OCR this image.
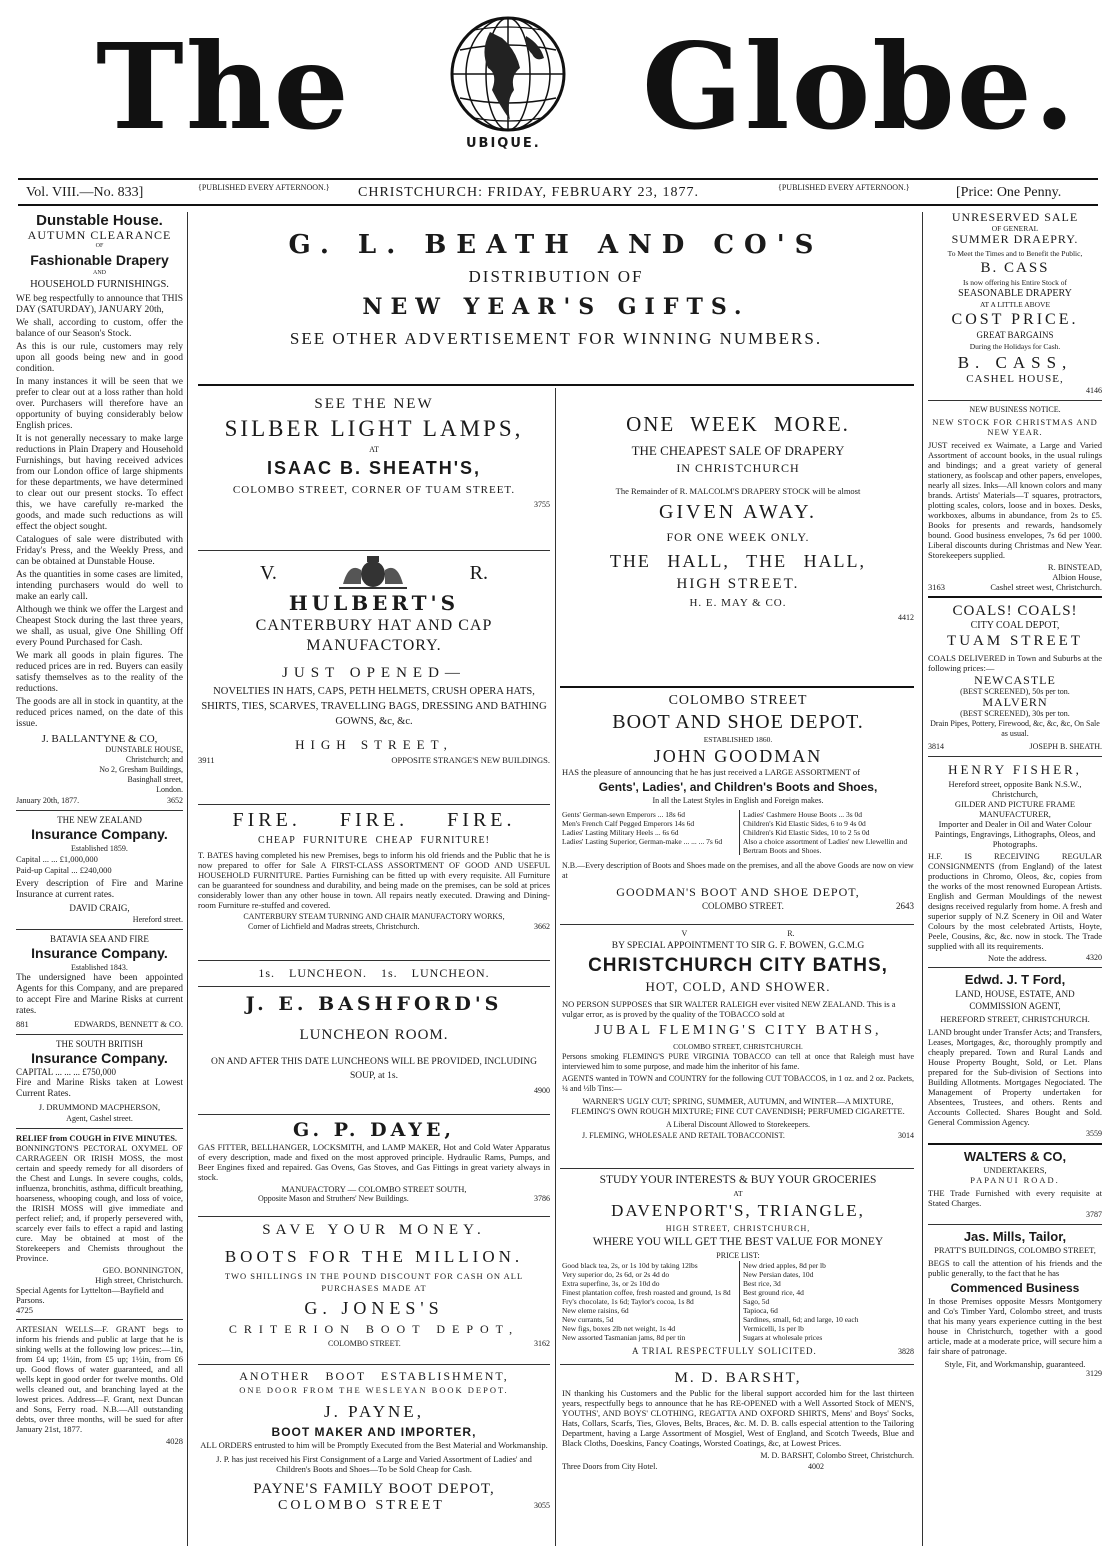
The	UBIQUE. Globe.
Vol. VIII.—No. 833]	{PUBLISHED EVERY AFTERNOON.} CHRISTCHURCH: FRIDAY, FEBRUARY 23, 1877.	{PUBLISHED EVERY AFTERNOON.}	[Price: One Penny.
Dunstable House.
AUTUMN CLEARANCE
OF
Fashionable Drapery
AND
HOUSEHOLD FURNISHINGS.

WE beg respectfully to announce that THIS DAY (SATURDAY), JANUARY 20th,

We shall, according to custom, offer the balance of our Season's Stock.

As this is our rule, customers may rely upon all goods being new and in good condition.

In many instances it will be seen that we prefer to clear out at a loss rather than hold over. Purchasers will therefore have an opportunity of buying considerably below English prices.

It is not generally necessary to make large reductions in Plain Drapery and Household Furnishings, but having received advices from our London office of large shipments for these departments, we have determined to clear out our present stocks. To effect this, we have carefully re-marked the goods, and made such reductions as will effect the object sought.

Catalogues of sale were distributed with Friday's Press, and the Weekly Press, and can be obtained at Dunstable House.

As the quantities in some cases are limited, intending purchasers would do well to make an early call.

Although we think we offer the Largest and Cheapest Stock during the last three years, we shall, as usual, give One Shilling Off every Pound Purchased for Cash.

We mark all goods in plain figures. The reduced prices are in red. Buyers can easily satisfy themselves as to the reality of the reductions.

The goods are all in stock in quantity, at the reduced prices named, on the date of this issue.

J. BALLANTYNE & CO,
DUNSTABLE HOUSE,
Christchurch; and
No 2, Gresham Buildings,
Basinghall street,
London.
January 20th, 1877.	3652
THE NEW ZEALAND
Insurance Company.
Established 1859.
Capital ... ... £1,000,000
Paid-up Capital ... £240,000

Every description of Fire and Marine Insurance at current rates.

DAVID CRAIG,
Hereford street.
BATAVIA SEA AND FIRE
Insurance Company.
Established 1843.

The undersigned have been appointed Agents for this Company, and are prepared to accept Fire and Marine Risks at current rates.

881	EDWARDS, BENNETT & CO.
THE SOUTH BRITISH
Insurance Company.
CAPITAL ... ... ... £750,000

Fire and Marine Risks taken at Lowest Current Rates.

J. DRUMMOND MACPHERSON,
Agent, Cashel street.
RELIEF from COUGH in FIVE MINUTES.

BONNINGTON'S PECTORAL OXYMEL OF CARRAGEEN OR IRISH MOSS, the most certain and speedy remedy for all disorders of the Chest and Lungs. In severe coughs, colds, influenza, bronchitis, asthma, difficult breathing, hoarseness, whooping cough, and loss of voice, the IRISH MOSS will give immediate and perfect relief; and, if properly persevered with, scarcely ever fails to effect a rapid and lasting cure. May be obtained at most of the Storekeepers and Chemists throughout the Province.

GEO. BONNINGTON,
High street, Christchurch.
Special Agents for Lyttelton—Bayfield and Parsons.
4725

ARTESIAN WELLS—F. GRANT begs to inform his friends and public at large that he is sinking wells at the following low prices:—1in, from £4 up; 1½in, from £5 up; 1½in, from £6 up. Good flows of water guaranteed, and all wells kept in good order for twelve months. Old wells cleaned out, and branching layed at the lowest prices. Address—F. Grant, next Duncan and Sons, Ferry road. N.B.—All outstanding debts, over three months, will be sued for after January 21st, 1877.

4028
G. L. BEATH AND CO'S
DISTRIBUTION OF
NEW YEAR'S GIFTS.
SEE OTHER ADVERTISEMENT FOR WINNING NUMBERS.
SEE THE NEW
SILBER LIGHT LAMPS,
AT
ISAAC B. SHEATH'S,
COLOMBO STREET, CORNER OF TUAM STREET.
3755
V.	R.
HULBERT'S
CANTERBURY HAT AND CAP
MANUFACTORY.
JUST OPENED—
NOVELTIES IN HATS, CAPS, PETH HELMETS, CRUSH OPERA HATS, SHIRTS, TIES, SCARVES, TRAVELLING BAGS, DRESSING AND BATHING GOWNS, &c, &c.
HIGH STREET,
3911	OPPOSITE STRANGE'S NEW BUILDINGS.
FIRE. FIRE. FIRE.
CHEAP FURNITURE CHEAP FURNITURE!

T. BATES having completed his new Premises, begs to inform his old friends and the Public that he is now prepared to offer for Sale A FIRST-CLASS ASSORTMENT OF GOOD AND USEFUL HOUSEHOLD FURNITURE. Parties Furnishing can be fitted up with every requisite. All Furniture can be guaranteed for soundness and durability, and being made on the premises, can be sold at prices considerably lower than any other house in town. All repairs neatly executed. Drawing and Dining-room Furniture re-stuffed and covered.

CANTERBURY STEAM TURNING AND CHAIR MANUFACTORY WORKS,
Corner of Lichfield and Madras streets, Christchurch.	3662
1s. LUNCHEON. 1s. LUNCHEON.
J. E. BASHFORD'S
LUNCHEON ROOM.

ON AND AFTER THIS DATE LUNCHEONS WILL BE PROVIDED, INCLUDING SOUP, at 1s.

4900
G. P. DAYE,

GAS FITTER, BELLHANGER, LOCKSMITH, and LAMP MAKER, Hot and Cold Water Apparatus of every description, made and fixed on the most approved principle. Hydraulic Rams, Pumps, and Beer Engines fixed and repaired. Gas Ovens, Gas Stoves, and Gas Fittings in great variety always in stock.

MANUFACTORY — COLOMBO STREET SOUTH,
Opposite Mason and Struthers' New Buildings.	3786
SAVE YOUR MONEY.
BOOTS FOR THE MILLION.

TWO SHILLINGS IN THE POUND DISCOUNT FOR CASH ON ALL PURCHASES MADE AT

G. JONES'S
CRITERION BOOT DEPOT,
COLOMBO STREET.	3162
ANOTHER BOOT ESTABLISHMENT,
ONE DOOR FROM THE WESLEYAN BOOK DEPOT.
J. PAYNE,
BOOT MAKER AND IMPORTER,

ALL ORDERS entrusted to him will be Promptly Executed from the Best Material and Workmanship.

J. P. has just received his First Consignment of a Large and Varied Assortment of Ladies' and Children's Boots and Shoes—To be Sold Cheap for Cash.

PAYNE'S FAMILY BOOT DEPOT,
COLOMBO STREET	3055
ONE WEEK MORE.
THE CHEAPEST SALE OF DRAPERY
IN CHRISTCHURCH

The Remainder of R. MALCOLM'S DRAPERY STOCK will be almost

GIVEN AWAY.
FOR ONE WEEK ONLY.
THE HALL, THE HALL,
HIGH STREET.
H. E. MAY & CO.
4412
COLOMBO STREET
BOOT AND SHOE DEPOT.
ESTABLISHED 1860.
JOHN GOODMAN

HAS the pleasure of announcing that he has just received a LARGE ASSORTMENT of

Gents', Ladies', and Children's Boots and Shoes,
In all the Latest Styles in English and Foreign makes.
Gents' German-sewn Emperors ... 18s 6d
Men's French Calf Pegged Emperors 14s 6d
Ladies' Lasting Military Heels ... 6s 6d
Ladies' Lasting Superior, German-make ... ... ... 7s 6d
Ladies' Cashmere House Boots ... 3s 0d
Children's Kid Elastic Sides, 6 to 9 4s 0d
Children's Kid Elastic Sides, 10 to 2 5s 0d
Also a choice assortment of Ladies' new Llewellin and Bertram Boots and Shoes.

N.B.—Every description of Boots and Shoes made on the premises, and all the above Goods are now on view at

GOODMAN'S BOOT AND SHOE DEPOT,
COLOMBO STREET.	2643
V	R.
BY SPECIAL APPOINTMENT TO SIR G. F. BOWEN, G.C.M.G
CHRISTCHURCH CITY BATHS,
HOT, COLD, AND SHOWER.

NO PERSON SUPPOSES that SIR WALTER RALEIGH ever visited NEW ZEALAND. This is a vulgar error, as is proved by the quality of the TOBACCO sold at

JUBAL FLEMING'S CITY BATHS,
COLOMBO STREET, CHRISTCHURCH.

Persons smoking FLEMING'S PURE VIRGINIA TOBACCO can tell at once that Raleigh must have interviewed him to some purpose, and made him the inheritor of his fame.

AGENTS wanted in TOWN and COUNTRY for the following CUT TOBACCOS, in 1 oz. and 2 oz. Packets, ¼ and ½lb Tins:—

WARNER'S UGLY CUT; SPRING, SUMMER, AUTUMN, and WINTER—A MIXTURE, FLEMING'S OWN ROUGH MIXTURE; FINE CUT CAVENDISH; PERFUMED CIGARETTE.

A Liberal Discount Allowed to Storekeepers.
J. FLEMING, WHOLESALE AND RETAIL TOBACCONIST.	3014
STUDY YOUR INTERESTS & BUY YOUR GROCERIES
AT
DAVENPORT'S, TRIANGLE,
HIGH STREET, CHRISTCHURCH,
WHERE YOU WILL GET THE BEST VALUE FOR MONEY
PRICE LIST:
Good black tea, 2s, or 1s 10d by taking 12lbs
Very superior do, 2s 6d, or 2s 4d do
Extra superfine, 3s, or 2s 10d do
Finest plantation coffee, fresh roasted and ground, 1s 8d
Fry's chocolate, 1s 6d; Taylor's cocoa, 1s 8d
New eleme raisins, 6d
New currants, 5d
New figs, boxes 2lb net weight, 1s 4d
New assorted Tasmanian jams, 8d per tin
New dried apples, 8d per lb
New Persian dates, 10d
Best rice, 3d
Best ground rice, 4d
Sago, 5d
Tapioca, 6d
Sardines, small, 6d; and large, 10 each
Vermicelli, 1s per lb
Sugars at wholesale prices
A TRIAL RESPECTFULLY SOLICITED.	3828
M. D. BARSHT,

IN thanking his Customers and the Public for the liberal support accorded him for the last thirteen years, respectfully begs to announce that he has RE-OPENED with a Well Assorted Stock of MEN'S, YOUTHS', AND BOYS' CLOTHING, REGATTA AND OXFORD SHIRTS, Mens' and Boys' Socks, Hats, Collars, Scarfs, Ties, Gloves, Belts, Braces, &c. M. D. B. calls especial attention to the Tailoring Department, having a Large Assortment of Mosgiel, West of England, and Scotch Tweeds, Blue and Black Cloths, Doeskins, Fancy Coatings, Worsted Coatings, &c, at Lowest Prices.

M. D. BARSHT, Colombo Street, Christchurch.
Three Doors from City Hotel.	4002
UNRESERVED SALE
OF GENERAL
SUMMER DRAEPRY.
To Meet the Times and to Benefit the Public,
B. CASS
Is now offering his Entire Stock of
SEASONABLE DRAPERY
AT A LITTLE ABOVE
COST PRICE.
GREAT BARGAINS
During the Holidays for Cash.
B. CASS,
CASHEL HOUSE,
4146
NEW BUSINESS NOTICE.
NEW STOCK FOR CHRISTMAS AND NEW YEAR.

JUST received ex Waimate, a Large and Varied Assortment of account books, in the usual rulings and bindings; and a great variety of general stationery, as foolscap and other papers, envelopes, nearly all sizes. Inks—All known colors and many brands. Artists' Materials—T squares, protractors, plotting scales, colors, loose and in boxes. Desks, workboxes, albums in abundance, from 2s to £5. Books for presents and rewards, handsomely bound. Good business envelopes, 7s 6d per 1000. Liberal discounts during Christmas and New Year. Storekeepers supplied.

R. BINSTEAD,
Albion House,
3163	Cashel street west, Christchurch.
COALS! COALS!
CITY COAL DEPOT,
TUAM STREET

COALS DELIVERED in Town and Suburbs at the following prices:—

NEWCASTLE
(BEST SCREENED), 50s per ton.
MALVERN
(BEST SCREENED), 30s per ton.

Drain Pipes, Pottery, Firewood, &c, &c, &c, On Sale as usual.

3814	JOSEPH B. SHEATH.
HENRY FISHER,
Hereford street, opposite Bank N.S.W., Christchurch,
GILDER AND PICTURE FRAME MANUFACTURER,

Importer and Dealer in Oil and Water Colour Paintings, Engravings, Lithographs, Oleos, and Photographs.

H.F. IS RECEIVING REGULAR CONSIGNMENTS (from England) of the latest productions in Chromo, Oleos, &c, copies from the works of the most renowned European Artists. English and German Mouldings of the newest designs received regularly from home. A fresh and superior supply of N.Z Scenery in Oil and Water Colours by the most celebrated Artists, Hoyte, Peele, Cousins, &c, &c. now in stock. The Trade supplied with all its requirements.

Note the address.	4320
Edwd. J. T Ford,
LAND, HOUSE, ESTATE, AND COMMISSION AGENT,
HEREFORD STREET, CHRISTCHURCH.

LAND brought under Transfer Acts; and Transfers, Leases, Mortgages, &c, thoroughly promptly and cheaply prepared. Town and Rural Lands and House Property Bought, Sold, or Let. Plans prepared for the Sub-division of Sections into Building Allotments. Mortgages Negociated. The Management of Property undertaken for Absentees, Trustees, and others. Rents and Accounts Collected. Shares Bought and Sold. General Commission Agency.

3559
WALTERS & CO,
UNDERTAKERS,
PAPANUI ROAD.

THE Trade Furnished with every requisite at Stated Charges.

3787
Jas. Mills, Tailor,
PRATT'S BUILDINGS, COLOMBO STREET,

BEGS to call the attention of his friends and the public generally, to the fact that he has

Commenced Business

In those Premises opposite Messrs Montgomery and Co's Timber Yard, Colombo street, and trusts that his many years experience cutting in the best house in Christchurch, together with a good article, made at a moderate price, will secure him a fair share of patronage.

Style, Fit, and Workmanship, guaranteed.
3129
